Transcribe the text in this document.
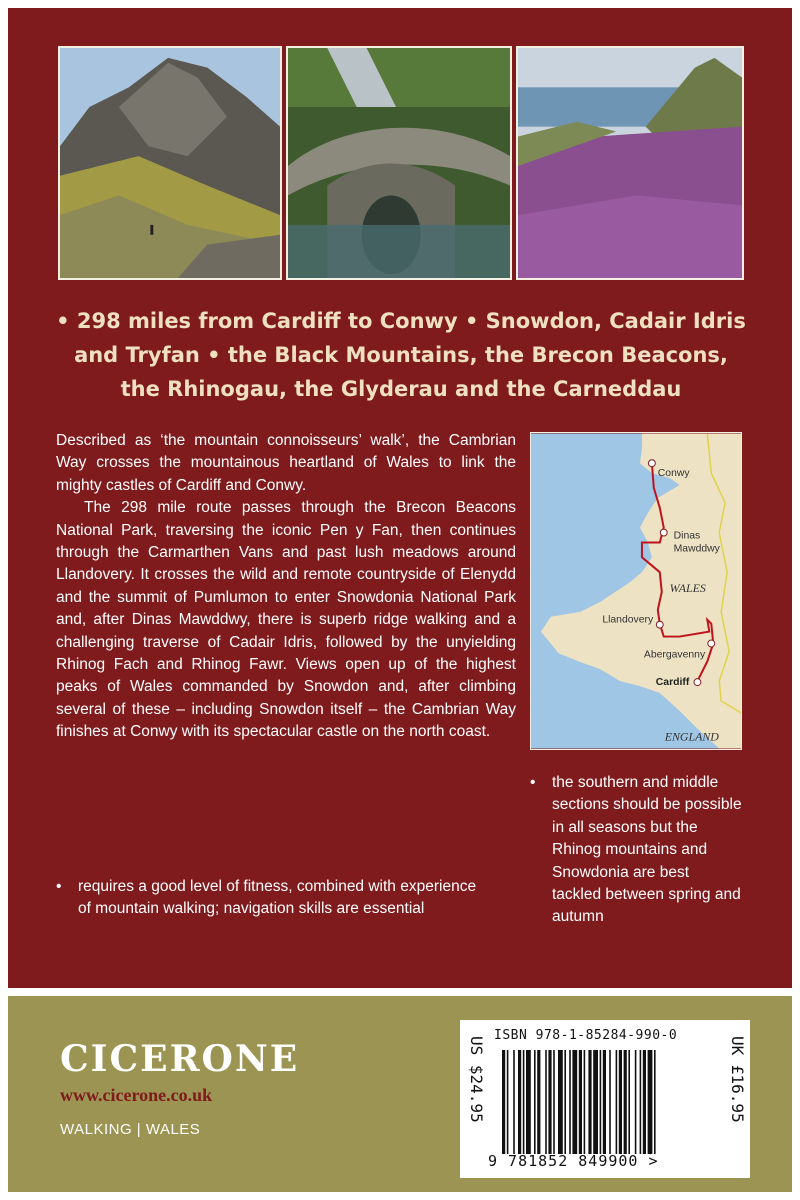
• 298 miles from Cardiff to Conwy • Snowdon, Cadair Idris and Tryfan • the Black Mountains, the Brecon Beacons, the Rhinogau, the Glyderau and the Carneddau

Described as ‘the mountain connoisseurs’ walk’, the Cambrian Way crosses the mountainous heartland of Wales to link the mighty castles of Cardiff and Conwy.

The 298 mile route passes through the Brecon Beacons National Park, traversing the iconic Pen y Fan, then continues through the Carmarthen Vans and past lush meadows around Llandovery. It crosses the wild and remote countryside of Elenydd and the summit of Pumlumon to enter Snowdonia National Park and, after Dinas Mawddwy, there is superb ridge walking and a challenging traverse of Cadair Idris, followed by the unyielding Rhinog Fach and Rhinog Fawr. Views open up of the highest peaks of Wales commanded by Snowdon and, after climbing several of these – including Snowdon itself – the Cambrian Way finishes at Conwy with its spectacular castle on the north coast.

•	requires a good level of fitness, combined with experience of mountain walking; navigation skills are essential
Conwy
Dinas
Mawddwy
WALES
Llandovery
Abergavenny
Cardiff
ENGLAND
•	the southern and middle sections should be possible in all seasons but the Rhinog mountains and Snowdonia are best tackled between spring and autumn
CICERONE
www.cicerone.co.uk
WALKING | WALES
US $24.95
ISBN 978-1-85284-990-0
9 781852 849900 >
UK £16.95
